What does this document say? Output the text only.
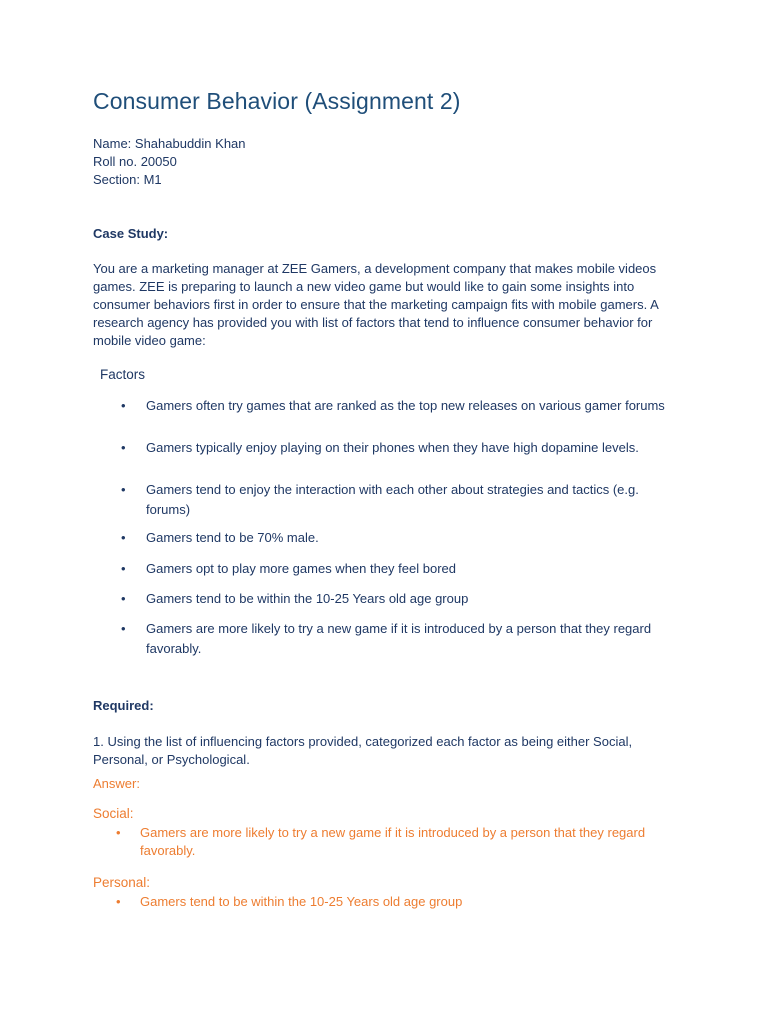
Consumer Behavior (Assignment 2)
Name: Shahabuddin Khan
Roll no. 20050
Section: M1
Case Study:
You are a marketing manager at ZEE Gamers, a development company that makes mobile videos games. ZEE is preparing to launch a new video game but would like to gain some insights into consumer behaviors first in order to ensure that the marketing campaign fits with mobile gamers. A research agency has provided you with list of factors that tend to influence consumer behavior for mobile video game:
Factors
• Gamers often try games that are ranked as the top new releases on various gamer forums
• Gamers typically enjoy playing on their phones when they have high dopamine levels.
• Gamers tend to enjoy the interaction with each other about strategies and tactics (e.g. forums)
• Gamers tend to be 70% male.
• Gamers opt to play more games when they feel bored
• Gamers tend to be within the 10-25 Years old age group
• Gamers are more likely to try a new game if it is introduced by a person that they regard favorably.
Required:
1. Using the list of influencing factors provided, categorized each factor as being either Social, Personal, or Psychological.
Answer:
Social:
• Gamers are more likely to try a new game if it is introduced by a person that they regard favorably.
Personal:
• Gamers tend to be within the 10-25 Years old age group
